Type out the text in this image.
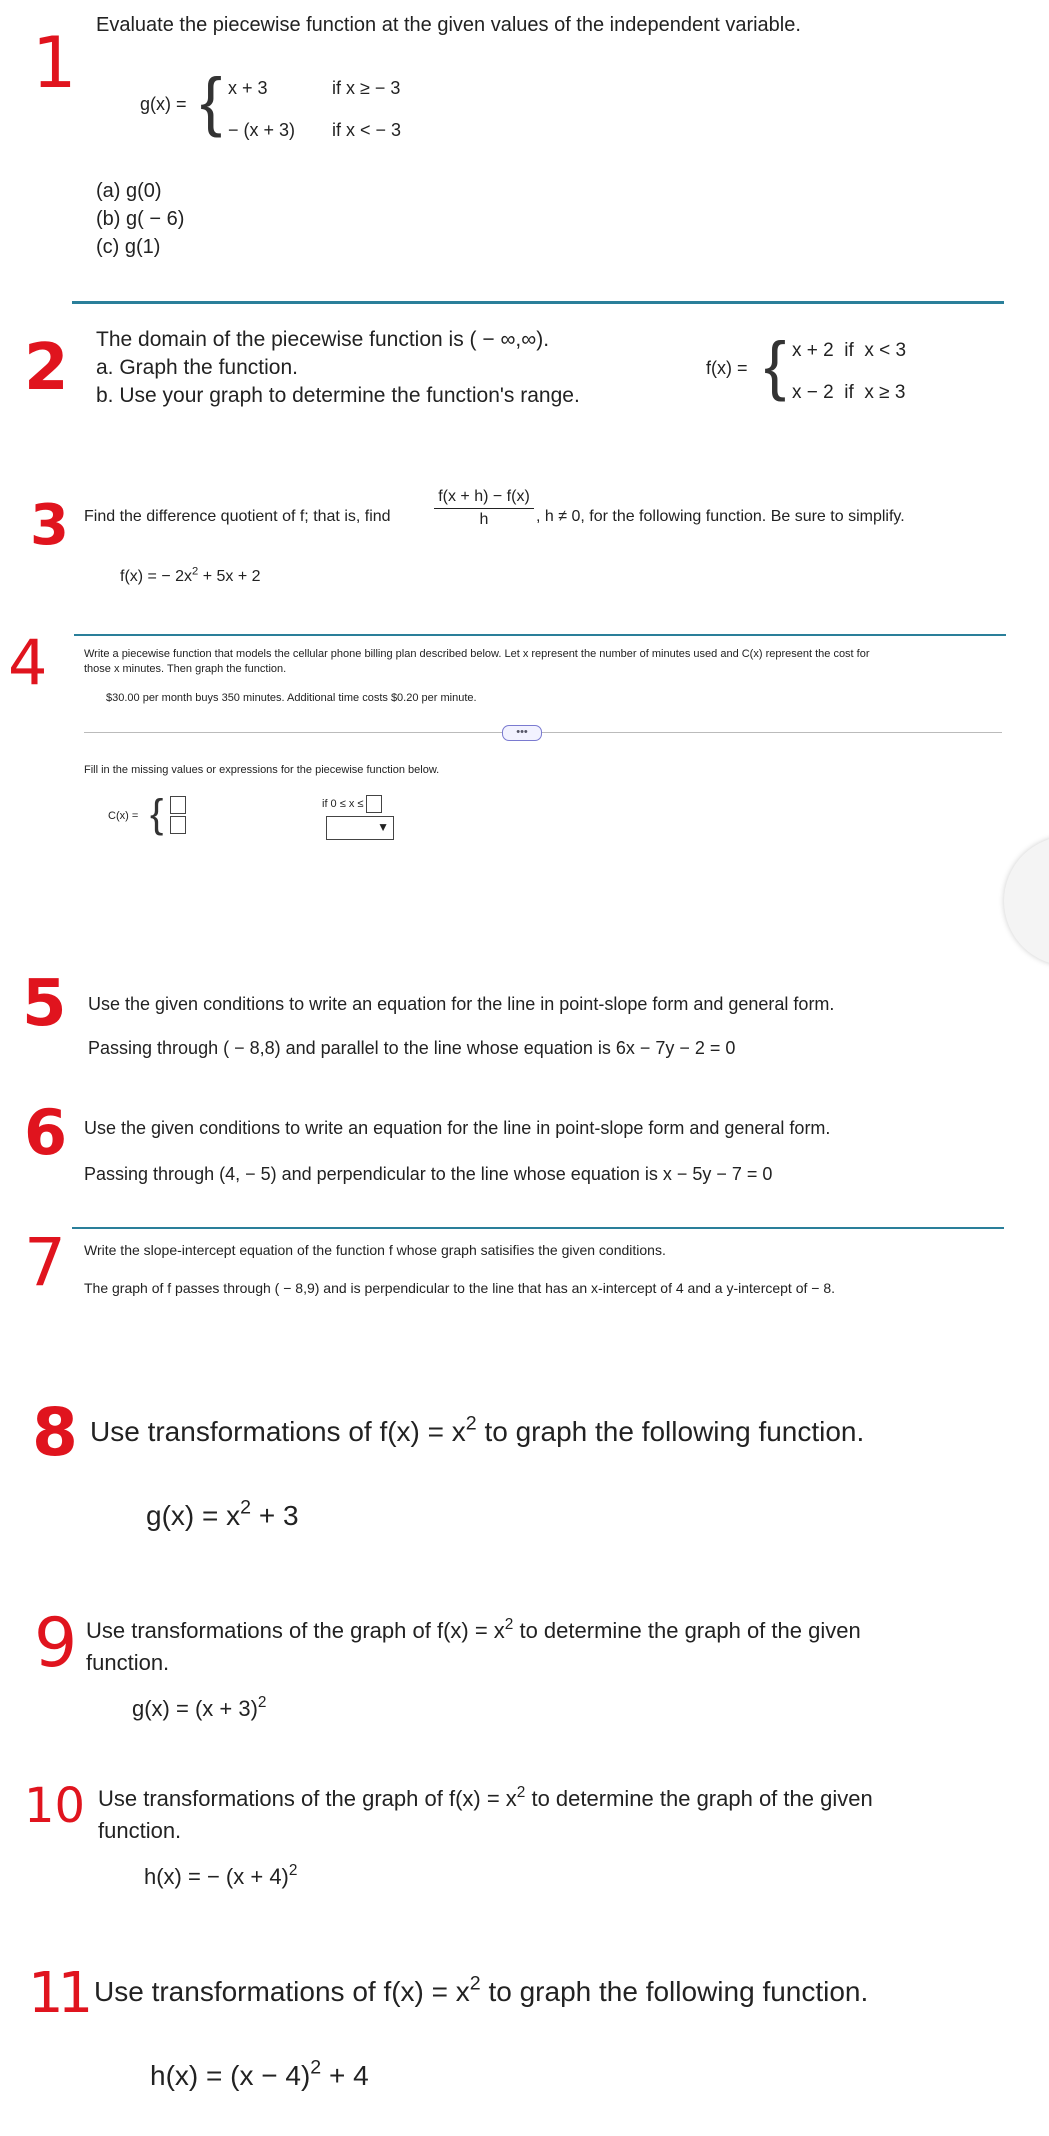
1 Evaluate the piecewise function at the given values of the independent variable.
g(x) = { x + 3	if x ≥ − 3
− (x + 3) if x < − 3
(a) g(0)
(b) g( − 6)
(c) g(1)
2 The domain of the piecewise function is ( − ∞,∞).
a. Graph the function.
b. Use your graph to determine the function's range.
f(x) = { x + 2  if  x < 3
x − 2  if  x ≥ 3
3 Find the difference quotient of f; that is, find
f(x + h) − f(x)
h	, h ≠ 0, for the following function. Be sure to simplify.
f(x) = − $2x^2 + 5x + 2$
4	Write a piecewise function that models the cellular phone billing plan described below. Let x represent the number of minutes used and C(x) represent the cost for
those x minutes. Then graph the function.
$30.00 per month buys 350 minutes. Additional time costs $0.20 per minute.
•••
Fill in the missing values or expressions for the piecewise function below.
C(x) = {	if 0 ≤ x ≤
▼
5 Use the given conditions to write an equation for the line in point-slope form and general form.
Passing through ( − 8,8) and parallel to the line whose equation is 6x − 7y − 2 = 0
6 Use the given conditions to write an equation for the line in point-slope form and general form.
Passing through (4, − 5) and perpendicular to the line whose equation is x − 5y − 7 = 0
7 Write the slope-intercept equation of the function f whose graph satisifies the given conditions.
The graph of f passes through ( − 8,9) and is perpendicular to the line that has an x-intercept of 4 and a y-intercept of − 8.
8 Use transformations of $f(x) = x^2$ to graph the following function.
$g(x) = x^2 + 3$
9 Use transformations of the graph of $f(x) = x^2$ to determine the graph of the given
function.
$g(x) = (x + 3)^2$
10 Use transformations of the graph of $f(x) = x^2$ to determine the graph of the given
function.
h(x) = − $(x + 4)^2$
11 Use transformations of $f(x) = x^2$ to graph the following function.
$h(x) = (x - 4)^2 + 4$
